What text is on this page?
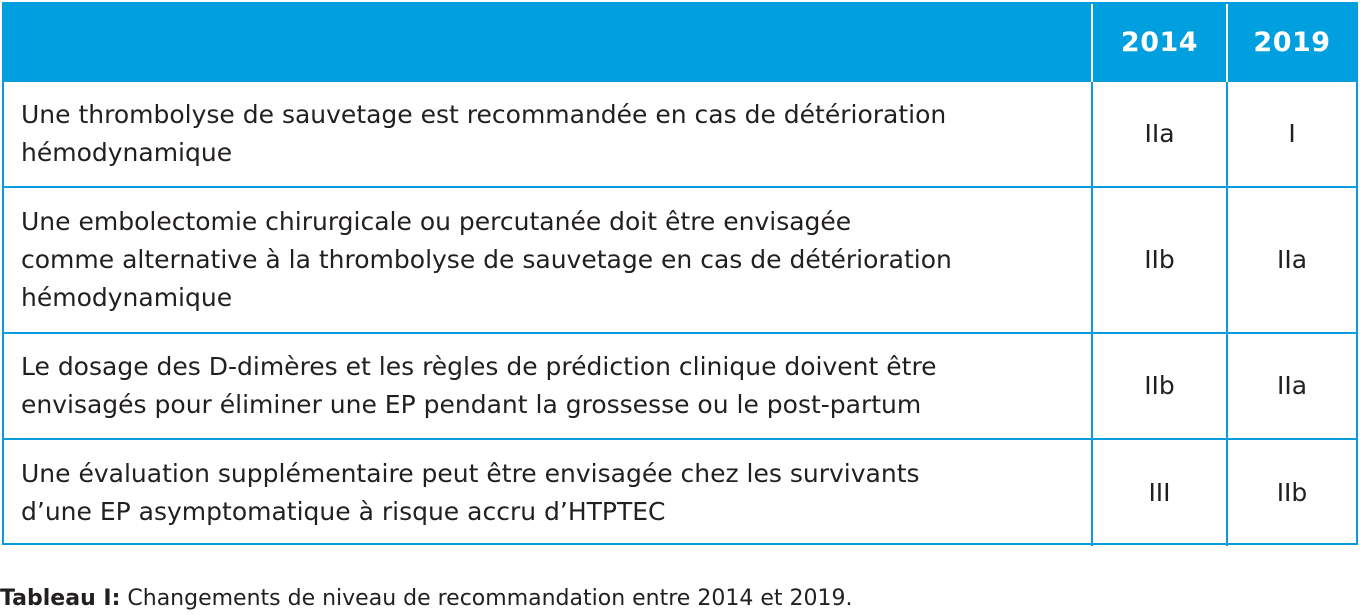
	2014	2019
Une thrombolyse de sauvetage est recommandée en cas de détérioration
hémodynamique	IIa	I
Une embolectomie chirurgicale ou percutanée doit être envisagée
comme alternative à la thrombolyse de sauvetage en cas de détérioration
hémodynamique	IIb	IIa
Le dosage des D-dimères et les règles de prédiction clinique doivent être
envisagés pour éliminer une EP pendant la grossesse ou le post-partum	IIb	IIa
Une évaluation supplémentaire peut être envisagée chez les survivants
d’une EP asymptomatique à risque accru d’HTPTEC	III	IIb
Tableau I: Changements de niveau de recommandation entre 2014 et 2019.
